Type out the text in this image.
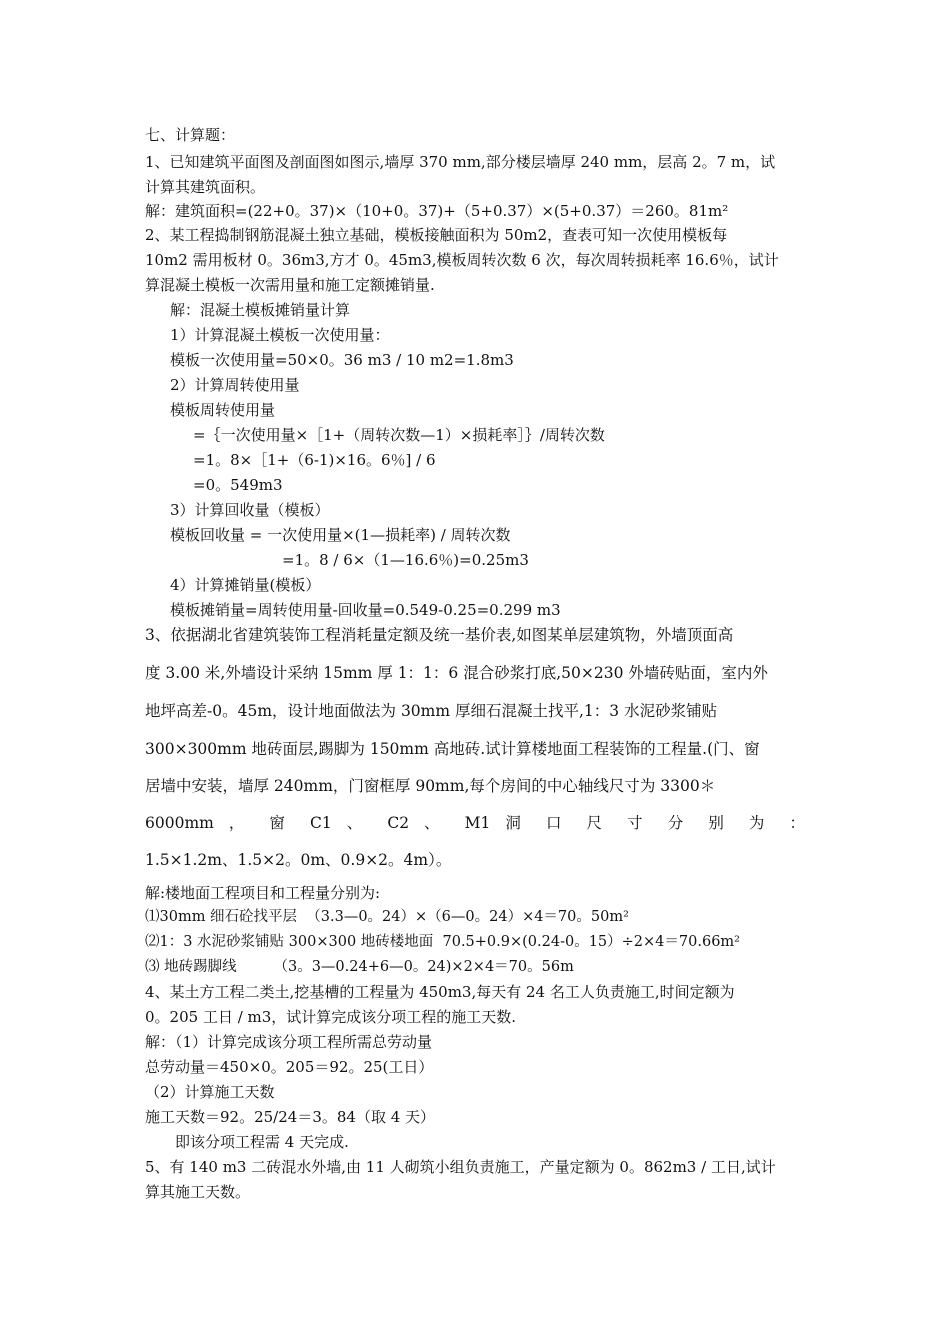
七、计算题：
1、已知建筑平面图及剖面图如图示,墙厚 370 mm,部分楼层墙厚 240 mm，层高 2。7 m，试
计算其建筑面积。
解：建筑面积=(22+0。37)×（10+0。37)+（5+0.37）×(5+0.37）＝260。81m²
2、某工程捣制钢筋混凝土独立基础，模板接触面积为 50m2，查表可知一次使用模板每
10m2 需用板材 0。36m3,方才 0。45m3,模板周转次数 6 次，每次周转损耗率 16.6％，试计
算混凝土模板一次需用量和施工定额摊销量.
解：混凝土模板摊销量计算
1）计算混凝土模板一次使用量：
模板一次使用量=50×0。36 m3 / 10 m2=1.8m3
2）计算周转使用量
模板周转使用量
=｛一次使用量×［1+（周转次数—1）×损耗率］｝/周转次数
=1。8×［1+（6-1)×16。6％] / 6
=0。549m3
3）计算回收量（模板）
模板回收量 = 一次使用量×(1—损耗率) / 周转次数
=1。8 / 6×（1—16.6％)=0.25m3
4）计算摊销量(模板）
模板摊销量=周转使用量-回收量=0.549-0.25=0.299 m3
3、依据湖北省建筑装饰工程消耗量定额及统一基价表,如图某单层建筑物，外墙顶面高
度 3.00 米,外墙设计采纳 15mm 厚 1：1：6 混合砂浆打底,50×230 外墙砖贴面，室内外
地坪高差-0。45m，设计地面做法为 30mm 厚细石混凝土找平,1：3 水泥砂浆铺贴
300×300mm 地砖面层,踢脚为 150mm 高地砖.试计算楼地面工程装饰的工程量.(门、窗
居墙中安装，墙厚 240mm，门窗框厚 90mm,每个房间的中心轴线尺寸为 3300＊
6000mm ， 窗 C1 、 C2 、 M1 洞 口 尺 寸 分 别 为 ：
1.5×1.2m、1.5×2。0m、0.9×2。4m）。
解:楼地面工程项目和工程量分别为:
⑴30mm 细石砼找平层  （3.3—0。24）×（6—0。24）×4＝70。50m²
⑵1：3 水泥砂浆铺贴 300×300 地砖楼地面  70.5+0.9×(0.24-0。15）÷2×4＝70.66m²
⑶ 地砖踢脚线        （3。3—0.24+6—0。24)×2×4＝70。56m
4、某土方工程二类土,挖基槽的工程量为 450m3,每天有 24 名工人负责施工,时间定额为
0。205 工日 / m3，试计算完成该分项工程的施工天数.
解：（1）计算完成该分项工程所需总劳动量
总劳动量＝450×0。205＝92。25(工日）
（2）计算施工天数
施工天数＝92。25/24＝3。84（取 4 天）
即该分项工程需 4 天完成.
5、有 140 m3 二砖混水外墙,由 11 人砌筑小组负责施工，产量定额为 0。862m3 / 工日,试计
算其施工天数。
